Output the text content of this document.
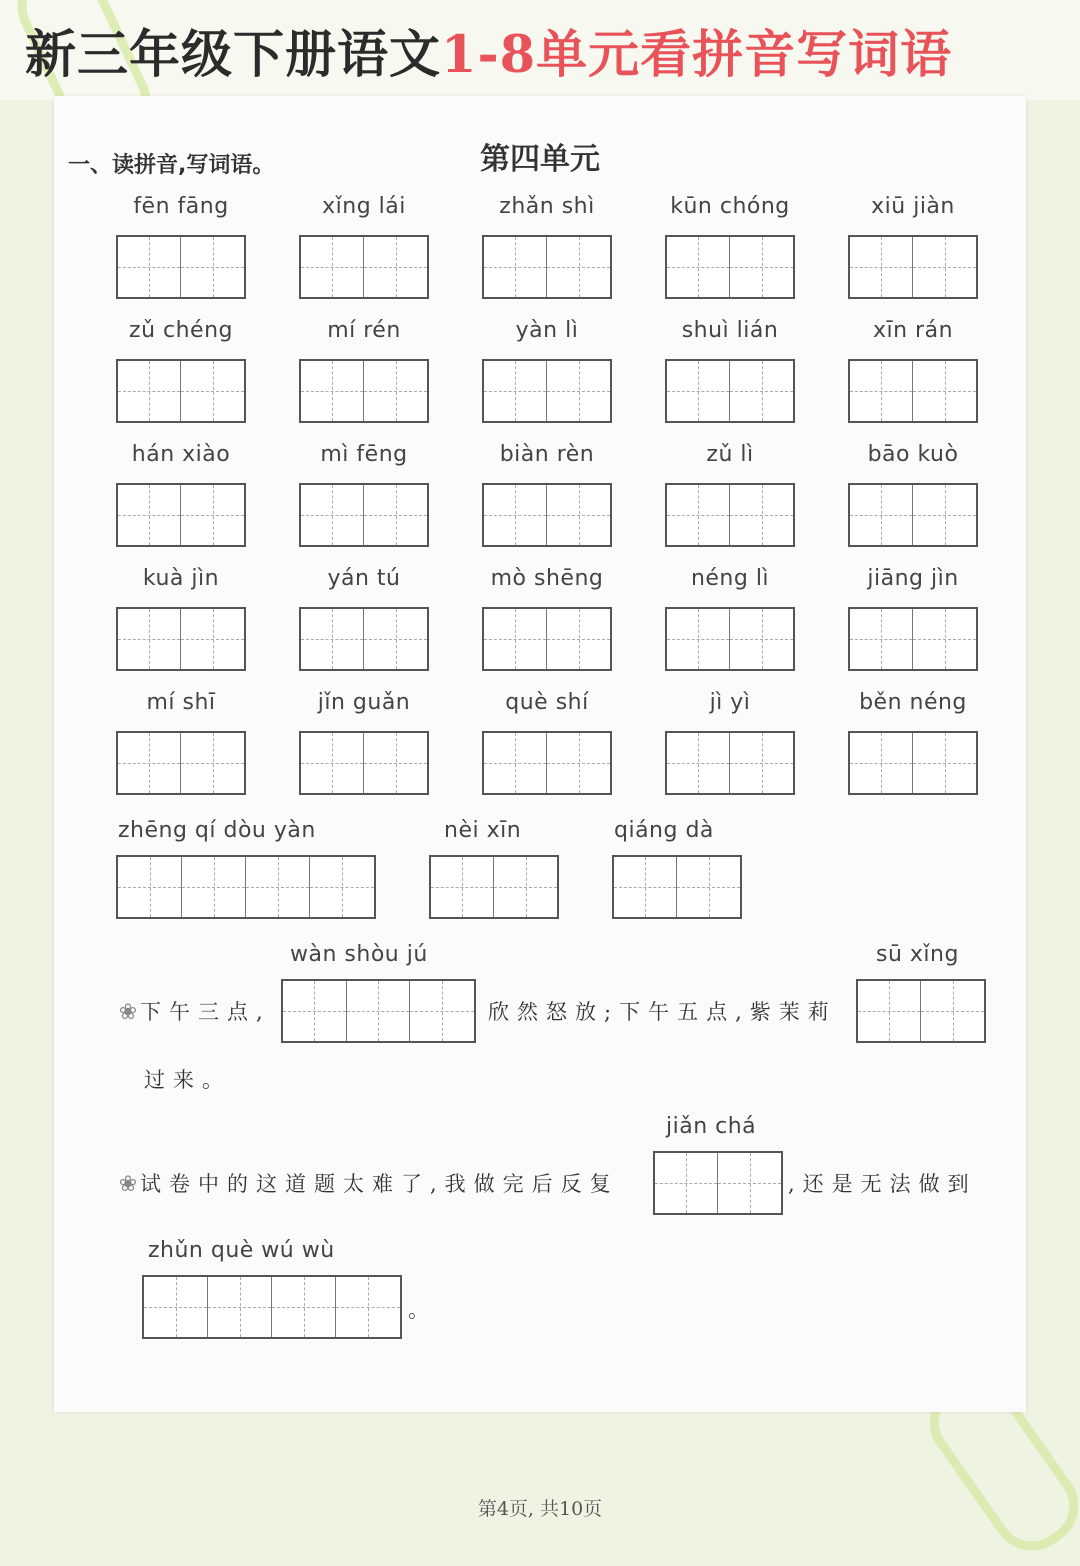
新三年级下册语文1-8单元看拼音写词语
一、读拼音,写词语。	第四单元
fēn fāng	xǐng lái	zhǎn shì	kūn chóng	xiū jiàn
zǔ chéng	mí rén	yàn lì	shuì lián	xīn rán
hán xiào	mì fēng	biàn rèn	zǔ lì	bāo kuò
kuà jìn	yán tú	mò shēng	néng lì	jiāng jìn
mí shī	jǐn guǎn	què shí	jì yì	běn néng
zhēng qí dòu yàn	nèi xīn	qiáng dà
wàn shòu jú	sū xǐng
❀ 下午三点,	欣然怒放;下午五点,紫茉莉
过来。
jiǎn chá
❀ 试卷中的这道题太难了,我做完后反复	,还是无法做到
zhǔn què wú wù
。
第4页, 共10页
